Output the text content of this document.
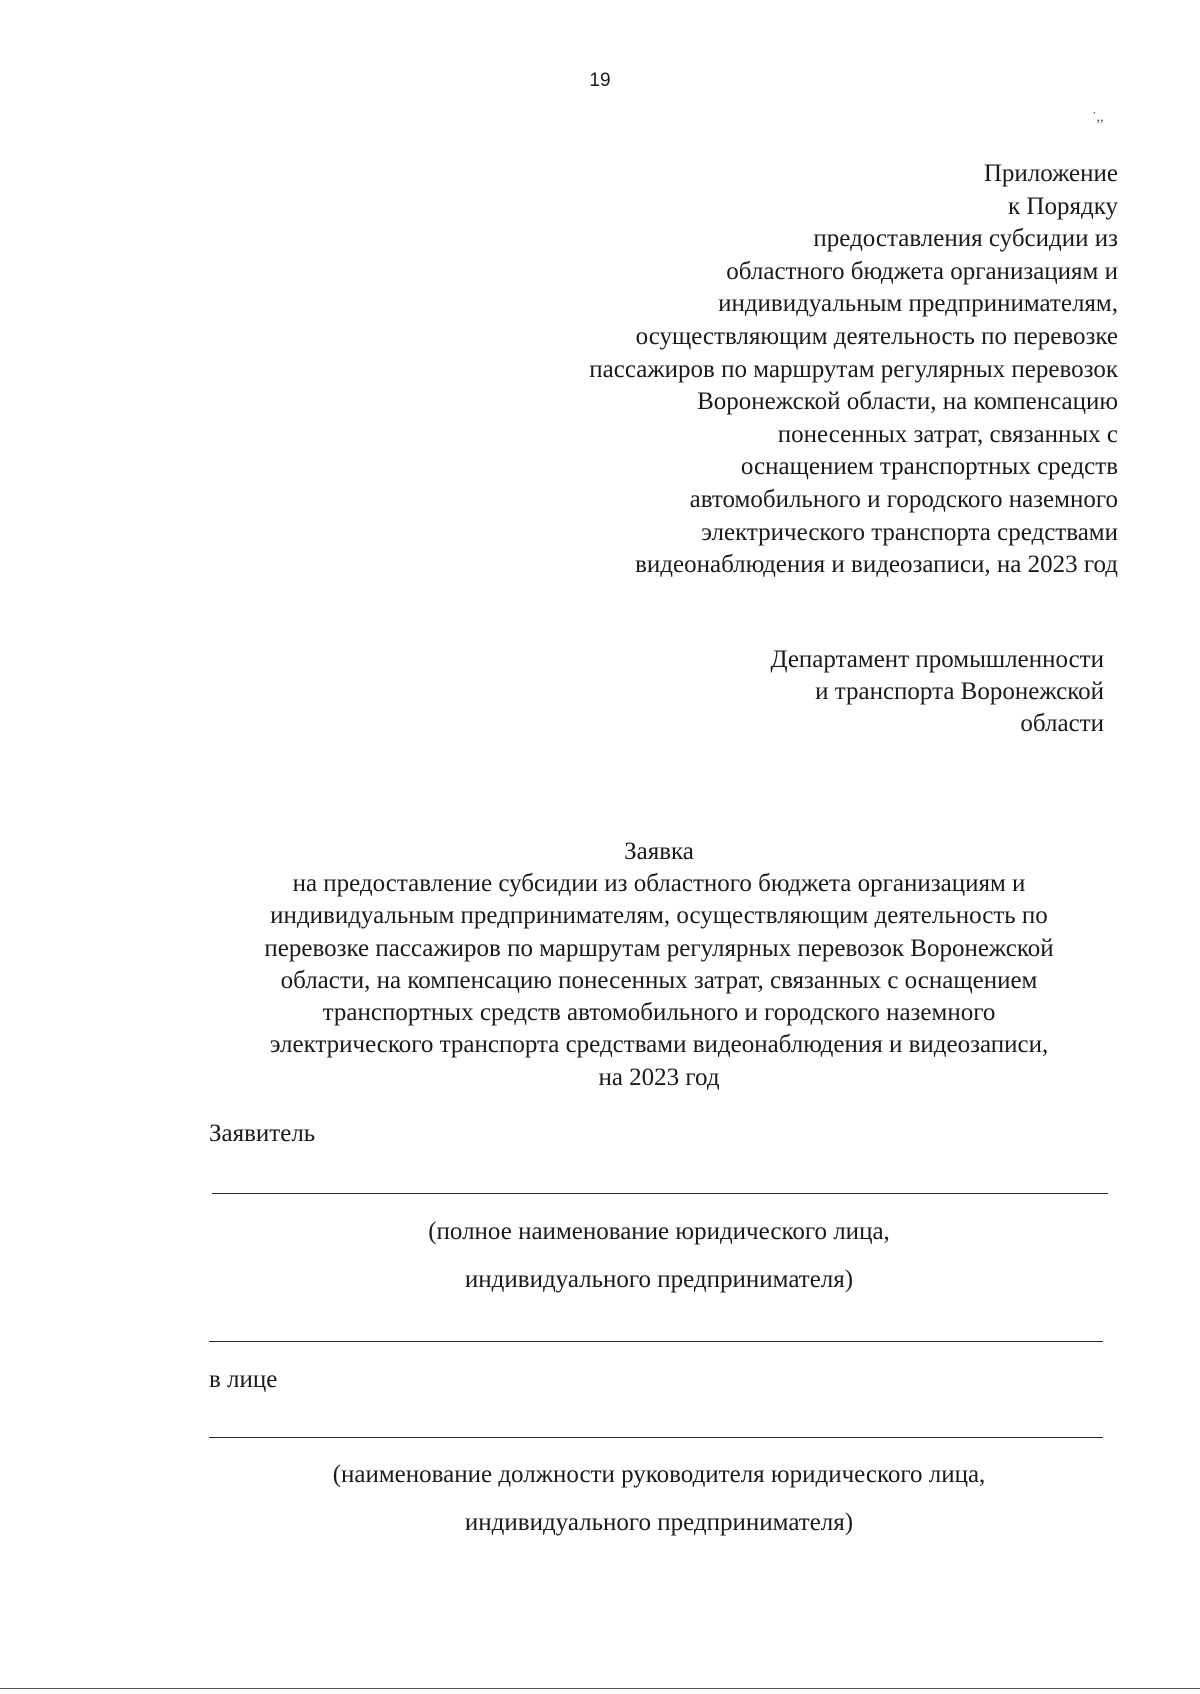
19
˙,,
Приложение
к Порядку
предоставления субсидии из
областного бюджета организациям и
индивидуальным предпринимателям,
осуществляющим деятельность по перевозке
пассажиров по маршрутам регулярных перевозок
Воронежской области, на компенсацию
понесенных затрат, связанных с
оснащением транспортных средств
автомобильного и городского наземного
электрического транспорта средствами
видеонаблюдения и видеозаписи, на 2023 год
Департамент промышленности
и транспорта Воронежской
области
Заявка
на предоставление субсидии из областного бюджета организациям и
индивидуальным предпринимателям, осуществляющим деятельность по
перевозке пассажиров по маршрутам регулярных перевозок Воронежской
области, на компенсацию понесенных затрат, связанных с оснащением
транспортных средств автомобильного и городского наземного
электрического транспорта средствами видеонаблюдения и видеозаписи,
на 2023 год
Заявитель
(полное наименование юридического лица,
индивидуального предпринимателя)
в лице
(наименование должности руководителя юридического лица,
индивидуального предпринимателя)
